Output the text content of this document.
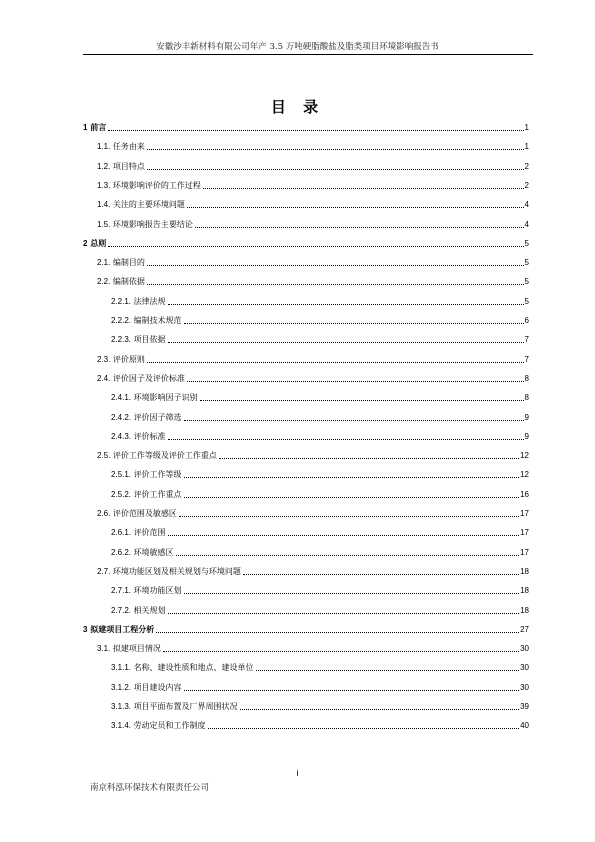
安徽沙丰新材料有限公司年产 3.5 万吨硬脂酸盐及脂类项目环境影响报告书
目 录
1 前言	1
1.1. 任务由来	1
1.2. 项目特点	2
1.3. 环境影响评价的工作过程	2
1.4. 关注的主要环境问题	4
1.5. 环境影响报告主要结论	4
2 总则	5
2.1. 编制目的	5
2.2. 编制依据	5
2.2.1. 法律法规	5
2.2.2. 编制技术规范	6
2.2.3. 项目依据	7
2.3. 评价原则	7
2.4. 评价因子及评价标准	8
2.4.1. 环境影响因子识别	8
2.4.2. 评价因子筛选	9
2.4.3. 评价标准	9
2.5. 评价工作等级及评价工作重点	12
2.5.1. 评价工作等级	12
2.5.2. 评价工作重点	16
2.6. 评价范围及敏感区	17
2.6.1. 评价范围	17
2.6.2. 环境敏感区	17
2.7. 环境功能区划及相关规划与环境问题	18
2.7.1. 环境功能区划	18
2.7.2. 相关规划	18
3 拟建项目工程分析	27
3.1. 拟建项目情况	30
3.1.1. 名称、建设性质和地点、建设单位	30
3.1.2. 项目建设内容	30
3.1.3. 项目平面布置及厂界周围状况	39
3.1.4. 劳动定员和工作制度	40
i
南京科泓环保技术有限责任公司
